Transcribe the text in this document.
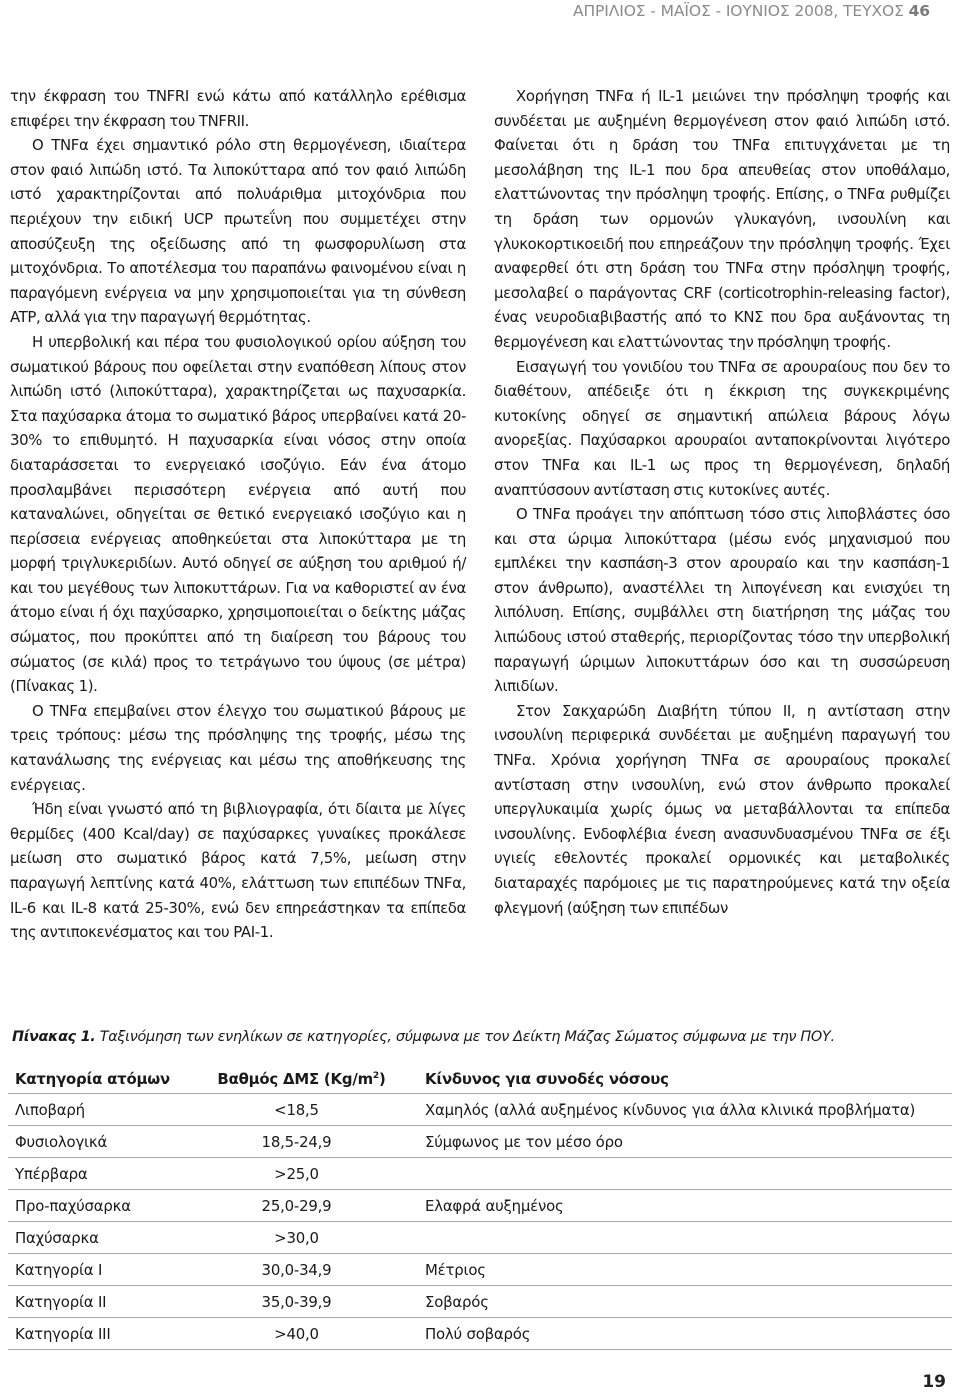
ΑΠΡΙΛΙΟΣ - ΜΑΪΟΣ - ΙΟΥΝΙΟΣ 2008, ΤΕΥΧΟΣ 46

την έκφραση του TNFRI ενώ κάτω από κατάλληλο ερέθισμα επιφέρει την έκφραση του TNFRII.

Ο TNFα έχει σημαντικό ρόλο στη θερμογένεση, ιδιαίτερα στον φαιό λιπώδη ιστό. Τα λιποκύτταρα από τον φαιό λιπώδη ιστό χαρακτηρίζονται από πολυάριθμα μιτοχόνδρια που περιέχουν την ειδική UCP πρωτεΐνη που συμμετέχει στην αποσύζευξη της οξείδωσης από τη φωσφορυλίωση στα μιτοχόνδρια. Το αποτέλεσμα του παραπάνω φαινομένου είναι η παραγόμενη ενέργεια να μην χρησιμοποιείται για τη σύνθεση ATP, αλλά για την παραγωγή θερμότητας.

Η υπερβολική και πέρα του φυσιολογικού ορίου αύξηση του σωματικού βάρους που οφείλεται στην εναπόθεση λίπους στον λιπώδη ιστό (λιποκύτταρα), χαρακτηρίζεται ως παχυσαρκία. Στα παχύσαρκα άτομα το σωματικό βάρος υπερβαίνει κατά 20-30% το επιθυμητό. Η παχυσαρκία είναι νόσος στην οποία διαταράσσεται το ενεργειακό ισοζύγιο. Εάν ένα άτομο προσλαμβάνει περισσότερη ενέργεια από αυτή που καταναλώνει, οδηγείται σε θετικό ενεργειακό ισοζύγιο και η περίσσεια ενέργειας αποθηκεύεται στα λιποκύτταρα με τη μορφή τριγλυκεριδίων. Αυτό οδηγεί σε αύξηση του αριθμού ή/και του μεγέθους των λιποκυττάρων. Για να καθοριστεί αν ένα άτομο είναι ή όχι παχύσαρκο, χρησιμοποιείται ο δείκτης μάζας σώματος, που προκύπτει από τη διαίρεση του βάρους του σώματος (σε κιλά) προς το τετράγωνο του ύψους (σε μέτρα) (Πίνακας 1).

Ο TNFα επεμβαίνει στον έλεγχο του σωματικού βάρους με τρεις τρόπους: μέσω της πρόσληψης της τροφής, μέσω της κατανάλωσης της ενέργειας και μέσω της αποθήκευσης της ενέργειας.

Ήδη είναι γνωστό από τη βιβλιογραφία, ότι δίαιτα με λίγες θερμίδες (400 Kcal/day) σε παχύσαρκες γυναίκες προκάλεσε μείωση στο σωματικό βάρος κατά 7,5%, μείωση στην παραγωγή λεπτίνης κατά 40%, ελάττωση των επιπέδων TNFα, IL-6 και IL-8 κατά 25-30%, ενώ δεν επηρεάστηκαν τα επίπεδα της αντιποκενέσματος και του PAI-1.

Χορήγηση TNFα ή IL-1 μειώνει την πρόσληψη τροφής και συνδέεται με αυξημένη θερμογένεση στον φαιό λιπώδη ιστό. Φαίνεται ότι η δράση του TNFα επιτυγχάνεται με τη μεσολάβηση της IL-1 που δρα απευθείας στον υποθάλαμο, ελαττώνοντας την πρόσληψη τροφής. Επίσης, ο TNFα ρυθμίζει τη δράση των ορμονών γλυκαγόνη, ινσουλίνη και γλυκοκορτικοειδή που επηρεάζουν την πρόσληψη τροφής. Έχει αναφερθεί ότι στη δράση του TNFα στην πρόσληψη τροφής, μεσολαβεί ο παράγοντας CRF (corticotrophin-releasing factor), ένας νευροδιαβιβαστής από το ΚΝΣ που δρα αυξάνοντας τη θερμογένεση και ελαττώνοντας την πρόσληψη τροφής.

Εισαγωγή του γονιδίου του TNFα σε αρουραίους που δεν το διαθέτουν, απέδειξε ότι η έκκριση της συγκεκριμένης κυτοκίνης οδηγεί σε σημαντική απώλεια βάρους λόγω ανορεξίας. Παχύσαρκοι αρουραίοι ανταποκρίνονται λιγότερο στον TNFα και IL-1 ως προς τη θερμογένεση, δηλαδή αναπτύσσουν αντίσταση στις κυτοκίνες αυτές.

Ο TNFα προάγει την απόπτωση τόσο στις λιποβλάστες όσο και στα ώριμα λιποκύτταρα (μέσω ενός μηχανισμού που εμπλέκει την κασπάση-3 στον αρουραίο και την κασπάση-1 στον άνθρωπο), αναστέλλει τη λιπογένεση και ενισχύει τη λιπόλυση. Επίσης, συμβάλλει στη διατήρηση της μάζας του λιπώδους ιστού σταθερής, περιορίζοντας τόσο την υπερβολική παραγωγή ώριμων λιποκυττάρων όσο και τη συσσώρευση λιπιδίων.

Στον Σακχαρώδη Διαβήτη τύπου ΙΙ, η αντίσταση στην ινσουλίνη περιφερικά συνδέεται με αυξημένη παραγωγή του TNFα. Χρόνια χορήγηση TNFα σε αρουραίους προκαλεί αντίσταση στην ινσουλίνη, ενώ στον άνθρωπο προκαλεί υπεργλυκαιμία χωρίς όμως να μεταβάλλονται τα επίπεδα ινσουλίνης. Ενδοφλέβια ένεση ανασυνδυασμένου TNFα σε έξι υγιείς εθελοντές προκαλεί ορμονικές και μεταβολικές διαταραχές παρόμοιες με τις παρατηρούμενες κατά την οξεία φλεγμονή (αύξηση των επιπέδων

Πίνακας 1. Ταξινόμηση των ενηλίκων σε κατηγορίες, σύμφωνα με τον Δείκτη Μάζας Σώματος σύμφωνα με την ΠΟΥ.
Κατηγορία ατόμων	Βαθμός ΔΜΣ $(Kg/m^2)$	Κίνδυνος για συνοδές νόσους
Λιποβαρή	<18,5	Χαμηλός (αλλά αυξημένος κίνδυνος για άλλα κλινικά προβλήματα)
Φυσιολογικά	18,5-24,9	Σύμφωνος με τον μέσο όρο
Υπέρβαρα	>25,0	
Προ-παχύσαρκα	25,0-29,9	Ελαφρά αυξημένος
Παχύσαρκα	>30,0	
Κατηγορία Ι	30,0-34,9	Μέτριος
Κατηγορία ΙΙ	35,0-39,9	Σοβαρός
Κατηγορία ΙΙΙ	>40,0	Πολύ σοβαρός
19
